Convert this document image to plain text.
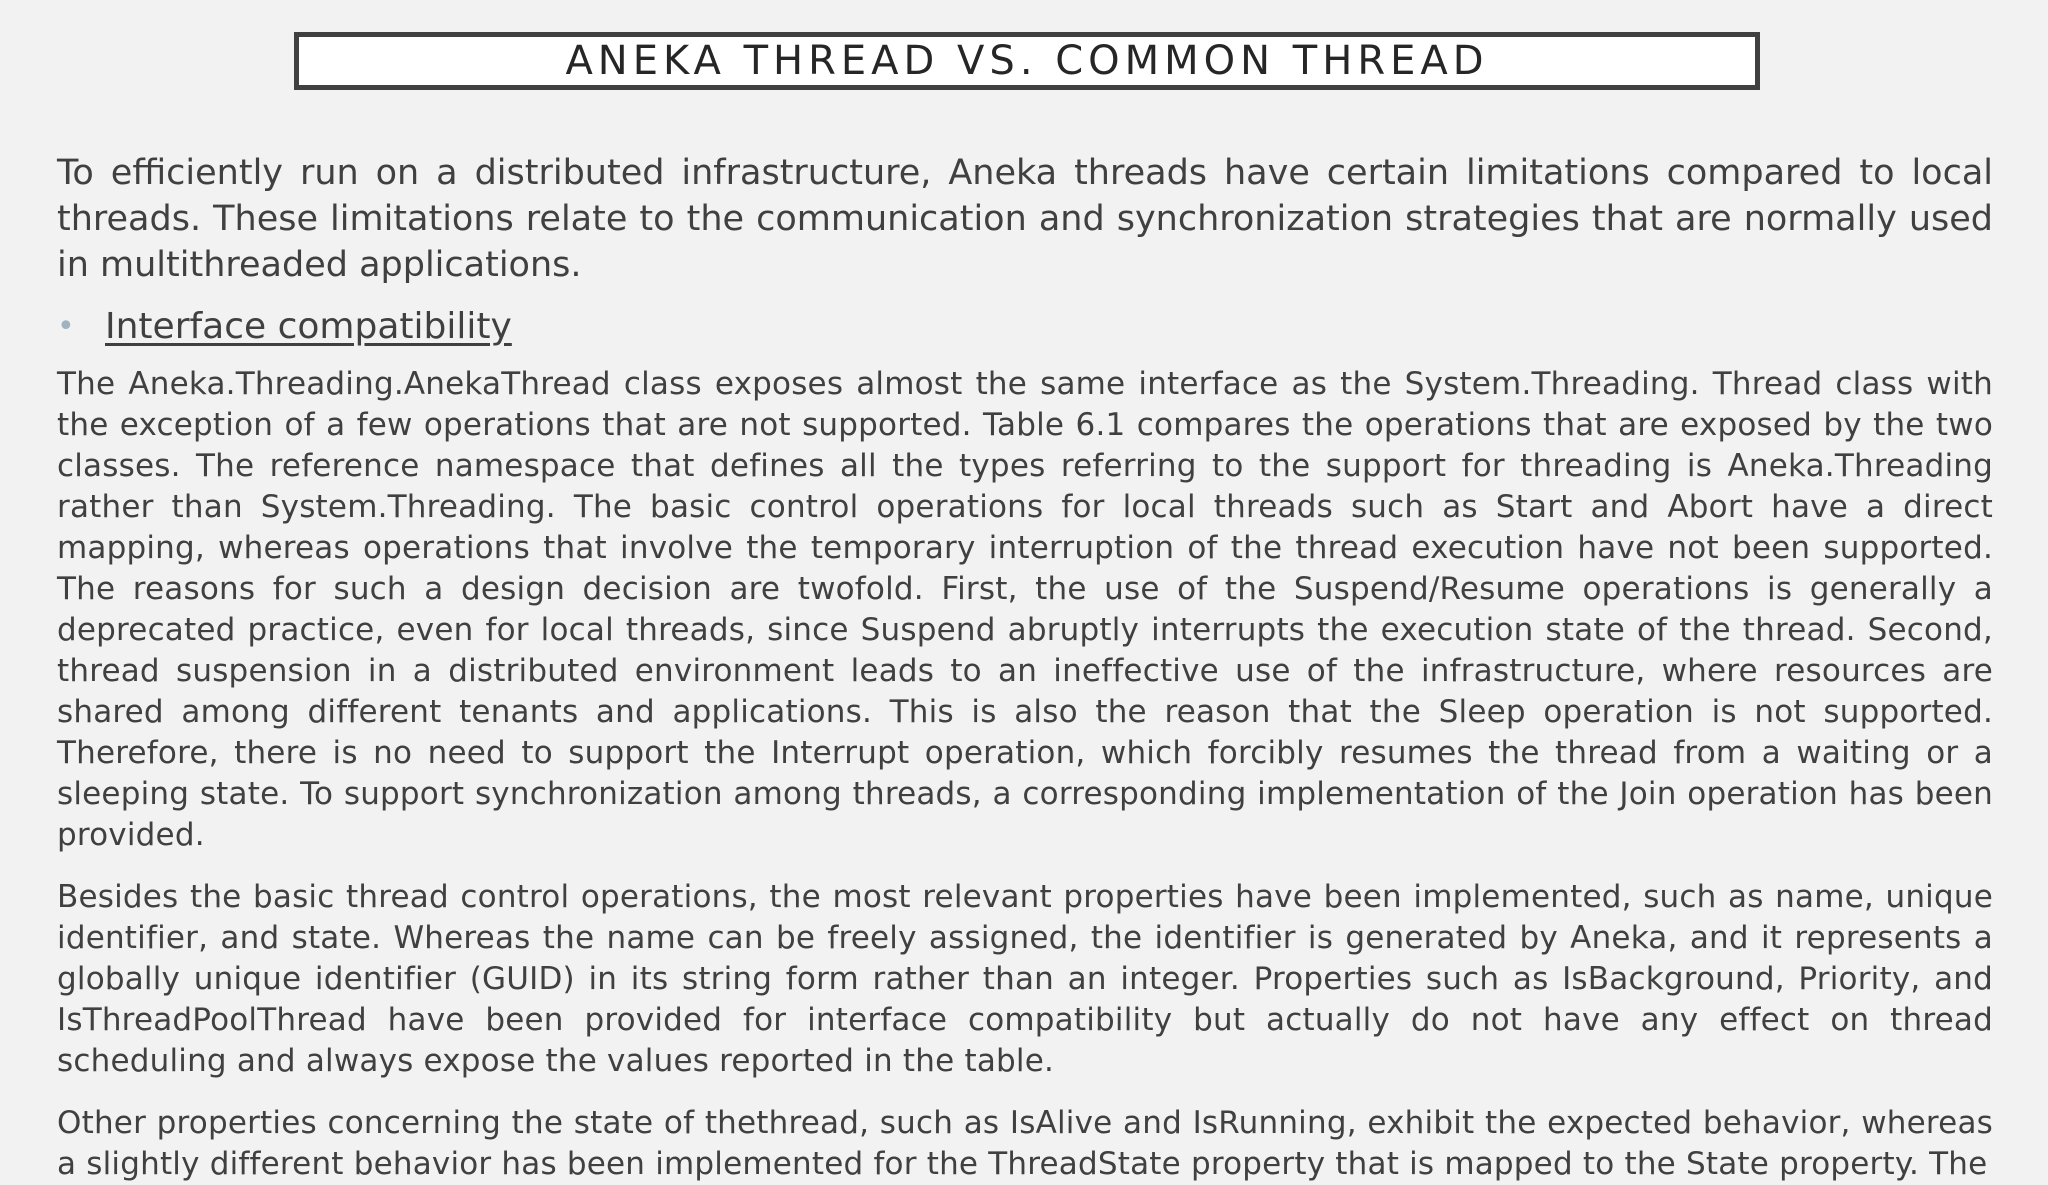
ANEKA THREAD VS. COMMON THREAD

To efficiently run on a distributed infrastructure, Aneka threads have certain limitations compared to local threads. These limitations relate to the communication and synchronization strategies that are normally used in multithreaded applications.

• Interface compatibility

The Aneka.Threading.AnekaThread class exposes almost the same interface as the System.Threading. Thread class with the exception of a few operations that are not supported. Table 6.1 compares the operations that are exposed by the two classes. The reference namespace that defines all the types referring to the support for threading is Aneka.Threading rather than System.Threading. The basic control operations for local threads such as Start and Abort have a direct mapping, whereas operations that involve the temporary interruption of the thread execution have not been supported. The reasons for such a design decision are twofold. First, the use of the Suspend/Resume operations is generally a deprecated practice, even for local threads, since Suspend abruptly interrupts the execution state of the thread. Second, thread suspension in a distributed environment leads to an ineffective use of the infrastructure, where resources are shared among different tenants and applications. This is also the reason that the Sleep operation is not supported. Therefore, there is no need to support the Interrupt operation, which forcibly resumes the thread from a waiting or a sleeping state. To support synchronization among threads, a corresponding implementation of the Join operation has been provided.

Besides the basic thread control operations, the most relevant properties have been implemented, such as name, unique identifier, and state. Whereas the name can be freely assigned, the identifier is generated by Aneka, and it represents a globally unique identifier (GUID) in its string form rather than an integer. Properties such as IsBackground, Priority, and IsThreadPoolThread have been provided for interface compatibility but actually do not have any effect on thread scheduling and always expose the values reported in the table.

Other properties concerning the state of thethread, such as IsAlive and IsRunning, exhibit the expected behavior, whereas a slightly different behavior has been implemented for the ThreadState property that is mapped to the State property. The
